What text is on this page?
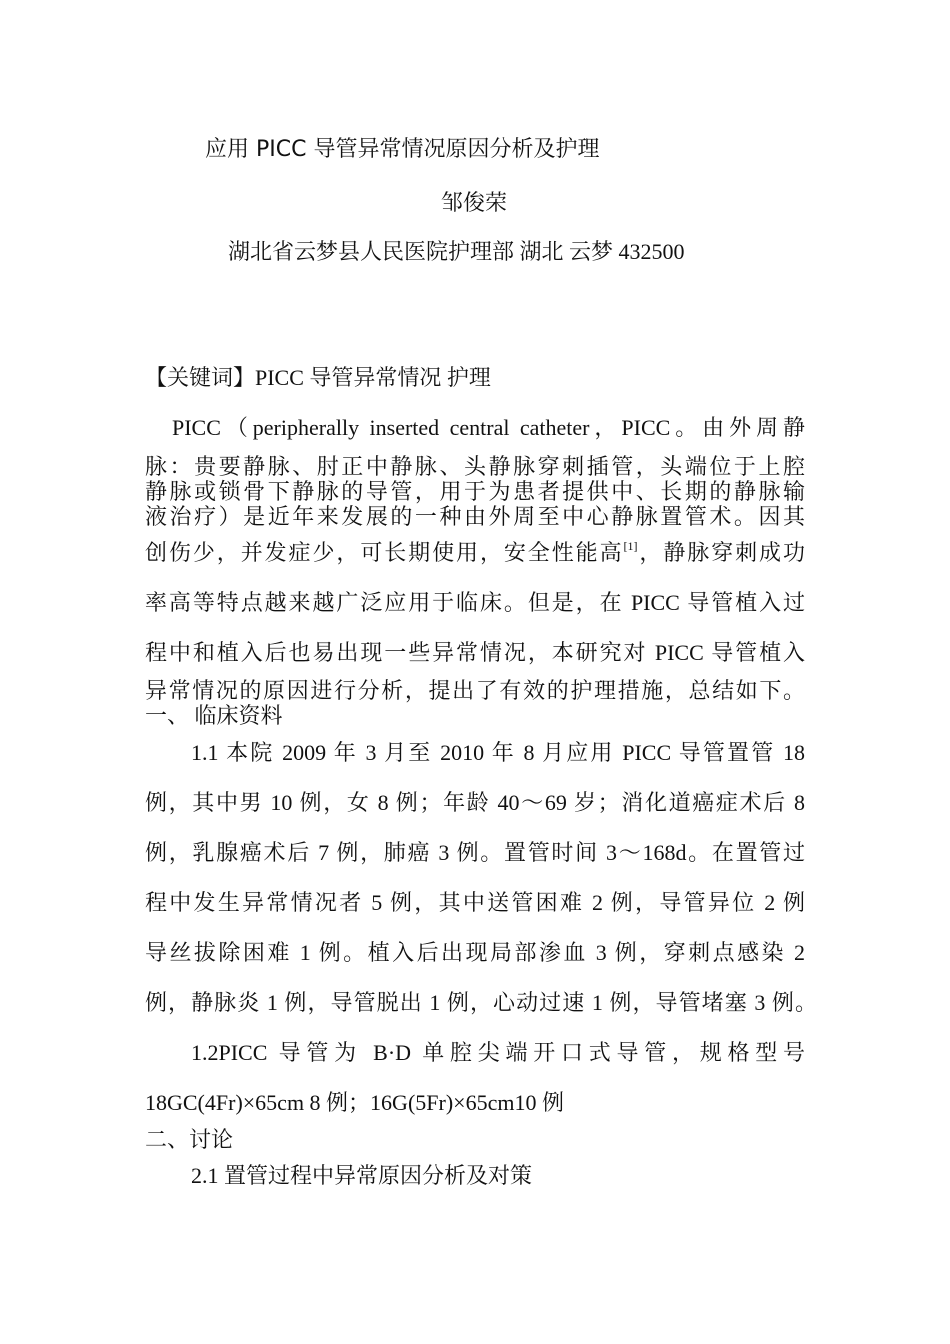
应用 PICC 导管异常情况原因分析及护理
邹俊荣
湖北省云梦县人民医院护理部 湖北 云梦 432500
【关键词】PICC 导管异常情况 护理
PICC（peripherally inserted central catheter，PICC。由外周静
脉：贵要静脉、肘正中静脉、头静脉穿刺插管，头端位于上腔
静脉或锁骨下静脉的导管，用于为患者提供中、长期的静脉输
液治疗）是近年来发展的一种由外周至中心静脉置管术。因其
创伤少，并发症少，可长期使用，安全性能高[1]，静脉穿刺成功
率高等特点越来越广泛应用于临床。但是，在 PICC 导管植入过
程中和植入后也易出现一些异常情况，本研究对 PICC 导管植入
异常情况的原因进行分析，提出了有效的护理措施，总结如下。
一、 临床资料
1.1 本院 2009 年 3 月至 2010 年 8 月应用 PICC 导管置管 18
例，其中男 10 例，女 8 例；年龄 40～69 岁；消化道癌症术后 8
例，乳腺癌术后 7 例，肺癌 3 例。置管时间 3～168d。在置管过
程中发生异常情况者 5 例，其中送管困难 2 例，导管异位 2 例
导丝拔除困难 1 例。植入后出现局部渗血 3 例，穿刺点感染 2
例，静脉炎 1 例，导管脱出 1 例，心动过速 1 例，导管堵塞 3 例。
1.2PICC 导管为 B·D 单腔尖端开口式导管，规格型号
18GC(4Fr)×65cm 8 例；16G(5Fr)×65cm10 例
二、讨论
2.1 置管过程中异常原因分析及对策
